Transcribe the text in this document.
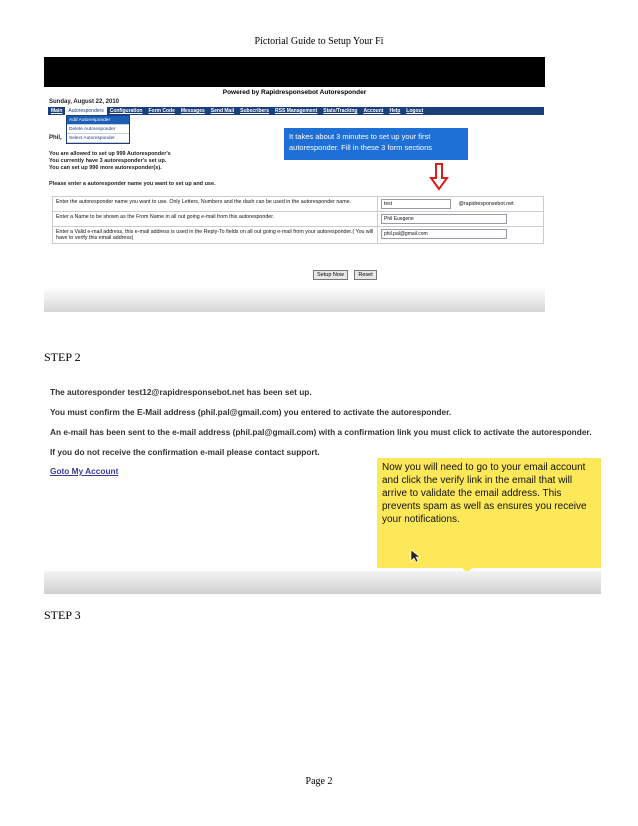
Pictorial Guide to Setup Your Fi
Powered by Rapidresponsebot Autoresponder
Sunday, August 22, 2010
Main	Autoresponders	Configuration	Form Code	Messages	Send Mail	Subscribers	RSS Management	Stats/Tracking	Account	Help	Logout
Add Autoresponder
Delete Autoresponder
Select Autoresponder
Phil,
You are allowed to set up 999 Autoresponder's
You currently have 3 autoresponder's set up.
You can set up 996 more autoresponder(s).
Please enter a autoresponder name you want to set up and use.
It takes about 3 minutes to set up your first autoresponder. Fill in these 3 form sections
Enter the autoresponder name you want to use. Only Letters, Numbers and the dash can be used in the autoresponder name.	test @rapidresponsebot.net
Enter a Name to be shown as the From Name in all out going e-mail from this autoresponder.	Phil Euegene
Enter a Valid e-mail address, this e-mail address is used in the Reply-To fields on all out going e-mail from your autoresponder.( You will have to verify this email address)	phil.pal@gmail.com
Setup Now	Reset
STEP 2
The autoresponder test12@rapidresponsebot.net has been set up.
You must confirm the E-Mail address (phil.pal@gmail.com) you entered to activate the autoresponder.
An e-mail has been sent to the e-mail address (phil.pal@gmail.com) with a confirmation link you must click to activate the autoresponder.
If you do not receive the confirmation e-mail please contact support.
Goto My Account	Now you will need to go to your email account and click the verify link in the email that will arrive to validate the email address. This prevents spam as well as ensures you receive your notifications.
STEP 3
Page 2
